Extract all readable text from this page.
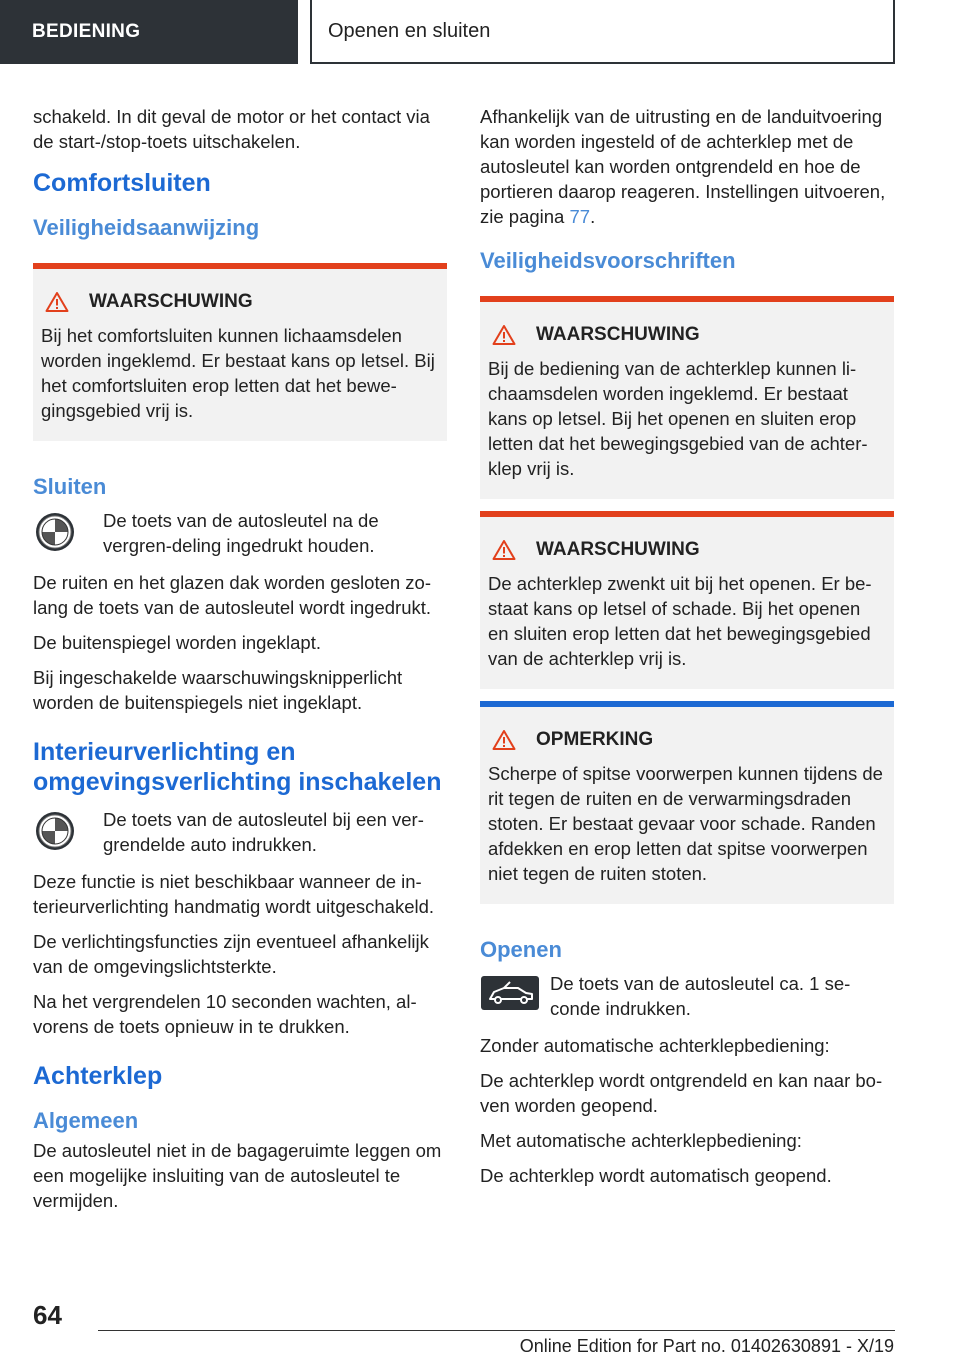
BEDIENING	Openen en sluiten

schakeld. In dit geval de motor or het contact via de start-/stop-toets uitschakelen.

Comfortsluiten
Veiligheidsaanwijzing
WAARSCHUWING

Bij het comfortsluiten kunnen lichaamsdelen worden ingeklemd. Er bestaat kans op letsel. Bij het comfortsluiten erop letten dat het bewe-gingsgebied vrij is.

Sluiten

De toets van de autosleutel na de vergren-deling ingedrukt houden.

De ruiten en het glazen dak worden gesloten zo-lang de toets van de autosleutel wordt ingedrukt.

De buitenspiegel worden ingeklapt.

Bij ingeschakelde waarschuwingsknipperlicht worden de buitenspiegels niet ingeklapt.

Interieurverlichting en omgevingsverlichting inschakelen

De toets van de autosleutel bij een ver-grendelde auto indrukken.

Deze functie is niet beschikbaar wanneer de in-terieurverlichting handmatig wordt uitgeschakeld.

De verlichtingsfuncties zijn eventueel afhankelijk van de omgevingslichtsterkte.

Na het vergrendelen 10 seconden wachten, al-vorens de toets opnieuw in te drukken.

Achterklep
Algemeen

De autosleutel niet in de bagageruimte leggen om een mogelijke insluiting van de autosleutel te vermijden.

Afhankelijk van de uitrusting en de landuitvoering kan worden ingesteld of de achterklep met de autosleutel kan worden ontgrendeld en hoe de portieren daarop reageren. Instellingen uitvoeren, zie pagina 77.

Veiligheidsvoorschriften
WAARSCHUWING

Bij de bediening van de achterklep kunnen li-chaamsdelen worden ingeklemd. Er bestaat kans op letsel. Bij het openen en sluiten erop letten dat het bewegingsgebied van de achter-klep vrij is.

WAARSCHUWING

De achterklep zwenkt uit bij het openen. Er be-staat kans op letsel of schade. Bij het openen en sluiten erop letten dat het bewegingsgebied van de achterklep vrij is.

OPMERKING

Scherpe of spitse voorwerpen kunnen tijdens de rit tegen de ruiten en de verwarmingsdraden stoten. Er bestaat gevaar voor schade. Randen afdekken en erop letten dat spitse voorwerpen niet tegen de ruiten stoten.

Openen

De toets van de autosleutel ca. 1 se-conde indrukken.

Zonder automatische achterklepbediening:

De achterklep wordt ontgrendeld en kan naar bo-ven worden geopend.

Met automatische achterklepbediening:

De achterklep wordt automatisch geopend.

64
Online Edition for Part no. 01402630891 - X/19
